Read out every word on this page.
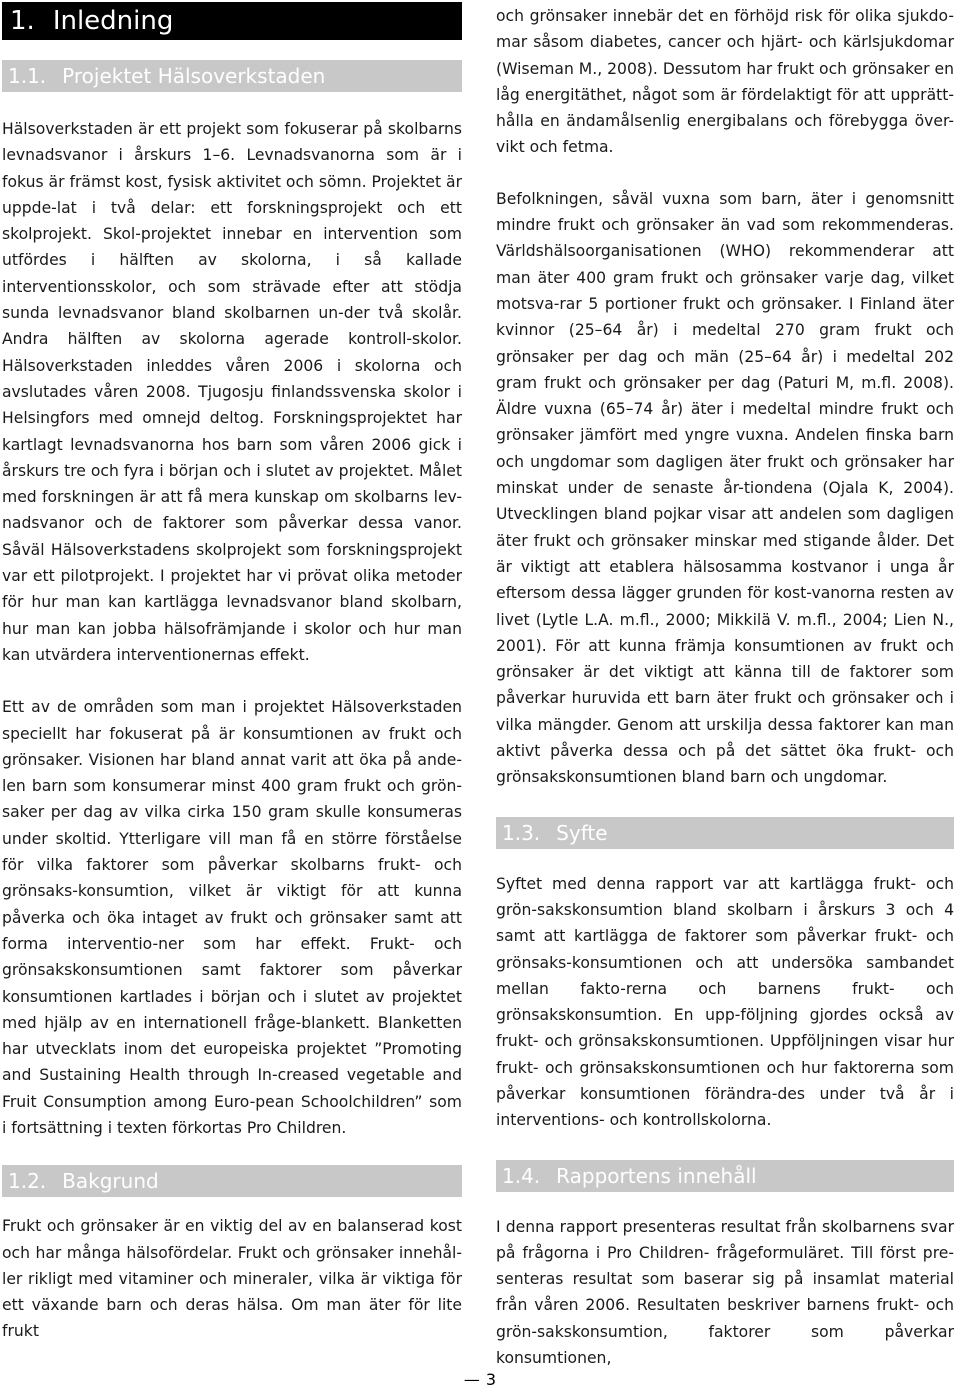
1. Inledning
1.1. Projektet Hälsoverkstaden

Hälsoverkstaden är ett projekt som fokuserar på skolbarns levnadsvanor i årskurs 1–6. Levnadsvanorna som är i fokus är främst kost, fysisk aktivitet och sömn. Projektet är uppde-lat i två delar: ett forskningsprojekt och ett skolprojekt. Skol-projektet innebar en intervention som utfördes i hälften av skolorna, i så kallade interventionsskolor, och som strävade efter att stödja sunda levnadsvanor bland skolbarnen un-der två skolår. Andra hälften av skolorna agerade kontroll-skolor. Hälsoverkstaden inleddes våren 2006 i skolorna och avslutades våren 2008. Tjugosju finlandssvenska skolor i Helsingfors med omnejd deltog. Forskningsprojektet har kartlagt levnadsvanorna hos barn som våren 2006 gick i årskurs tre och fyra i början och i slutet av projektet. Målet med forskningen är att få mera kunskap om skolbarns lev-nadsvanor och de faktorer som påverkar dessa vanor. Såväl Hälsoverkstadens skolprojekt som forskningsprojekt var ett pilotprojekt. I projektet har vi prövat olika metoder för hur man kan kartlägga levnadsvanor bland skolbarn, hur man kan jobba hälsofrämjande i skolor och hur man kan utvärdera interventionernas effekt.

Ett av de områden som man i projektet Hälsoverkstaden speciellt har fokuserat på är konsumtionen av frukt och grönsaker. Visionen har bland annat varit att öka på ande-len barn som konsumerar minst 400 gram frukt och grön-saker per dag av vilka cirka 150 gram skulle konsumeras under skoltid. Ytterligare vill man få en större förståelse för vilka faktorer som påverkar skolbarns frukt- och grönsaks-konsumtion, vilket är viktigt för att kunna påverka och öka intaget av frukt och grönsaker samt att forma interventio-ner som har effekt. Frukt- och grönsakskonsumtionen samt faktorer som påverkar konsumtionen kartlades i början och i slutet av projektet med hjälp av en internationell fråge-blankett. Blanketten har utvecklats inom det europeiska projektet ”Promoting and Sustaining Health through In-creased vegetable and Fruit Consumption among Euro-pean Schoolchildren” som i fortsättning i texten förkortas Pro Children.

1.2. Bakgrund

Frukt och grönsaker är en viktig del av en balanserad kost och har många hälsofördelar. Frukt och grönsaker innehål-ler rikligt med vitaminer och mineraler, vilka är viktiga för ett växande barn och deras hälsa. Om man äter för lite frukt

och grönsaker innebär det en förhöjd risk för olika sjukdo-mar såsom diabetes, cancer och hjärt- och kärlsjukdomar (Wiseman M., 2008). Dessutom har frukt och grönsaker en låg energitäthet, något som är fördelaktigt för att upprätt-hålla en ändamålsenlig energibalans och förebygga över-vikt och fetma.

Befolkningen, såväl vuxna som barn, äter i genomsnitt mindre frukt och grönsaker än vad som rekommenderas. Världshälsoorganisationen (WHO) rekommenderar att man äter 400 gram frukt och grönsaker varje dag, vilket motsva-rar 5 portioner frukt och grönsaker. I Finland äter kvinnor (25–64 år) i medeltal 270 gram frukt och grönsaker per dag och män (25–64 år) i medeltal 202 gram frukt och grönsaker per dag (Paturi M, m.fl. 2008). Äldre vuxna (65–74 år) äter i medeltal mindre frukt och grönsaker jämfört med yngre vuxna. Andelen finska barn och ungdomar som dagligen äter frukt och grönsaker har minskat under de senaste år-tiondena (Ojala K, 2004). Utvecklingen bland pojkar visar att andelen som dagligen äter frukt och grönsaker minskar med stigande ålder. Det är viktigt att etablera hälsosamma kostvanor i unga år eftersom dessa lägger grunden för kost-vanorna resten av livet (Lytle L.A. m.fl., 2000; Mikkilä V. m.fl., 2004; Lien N., 2001). För att kunna främja konsumtionen av frukt och grönsaker är det viktigt att känna till de faktorer som påverkar huruvida ett barn äter frukt och grönsaker och i vilka mängder. Genom att urskilja dessa faktorer kan man aktivt påverka dessa och på det sättet öka frukt- och grönsakskonsumtionen bland barn och ungdomar.

1.3. Syfte

Syftet med denna rapport var att kartlägga frukt- och grön-sakskonsumtion bland skolbarn i årskurs 3 och 4 samt att kartlägga de faktorer som påverkar frukt- och grönsaks-konsumtionen och att undersöka sambandet mellan fakto-rerna och barnens frukt- och grönsakskonsumtion. En upp-följning gjordes också av frukt- och grönsakskonsumtionen. Uppföljningen visar hur frukt- och grönsakskonsumtionen och hur faktorerna som påverkar konsumtionen förändra-des under två år i interventions- och kontrollskolorna.

1.4. Rapportens innehåll

I denna rapport presenteras resultat från skolbarnens svar på frågorna i Pro Children- frågeformuläret. Till först pre-senteras resultat som baserar sig på insamlat material från våren 2006. Resultaten beskriver barnens frukt- och grön-sakskonsumtion, faktorer som påverkar konsumtionen,

— 3
